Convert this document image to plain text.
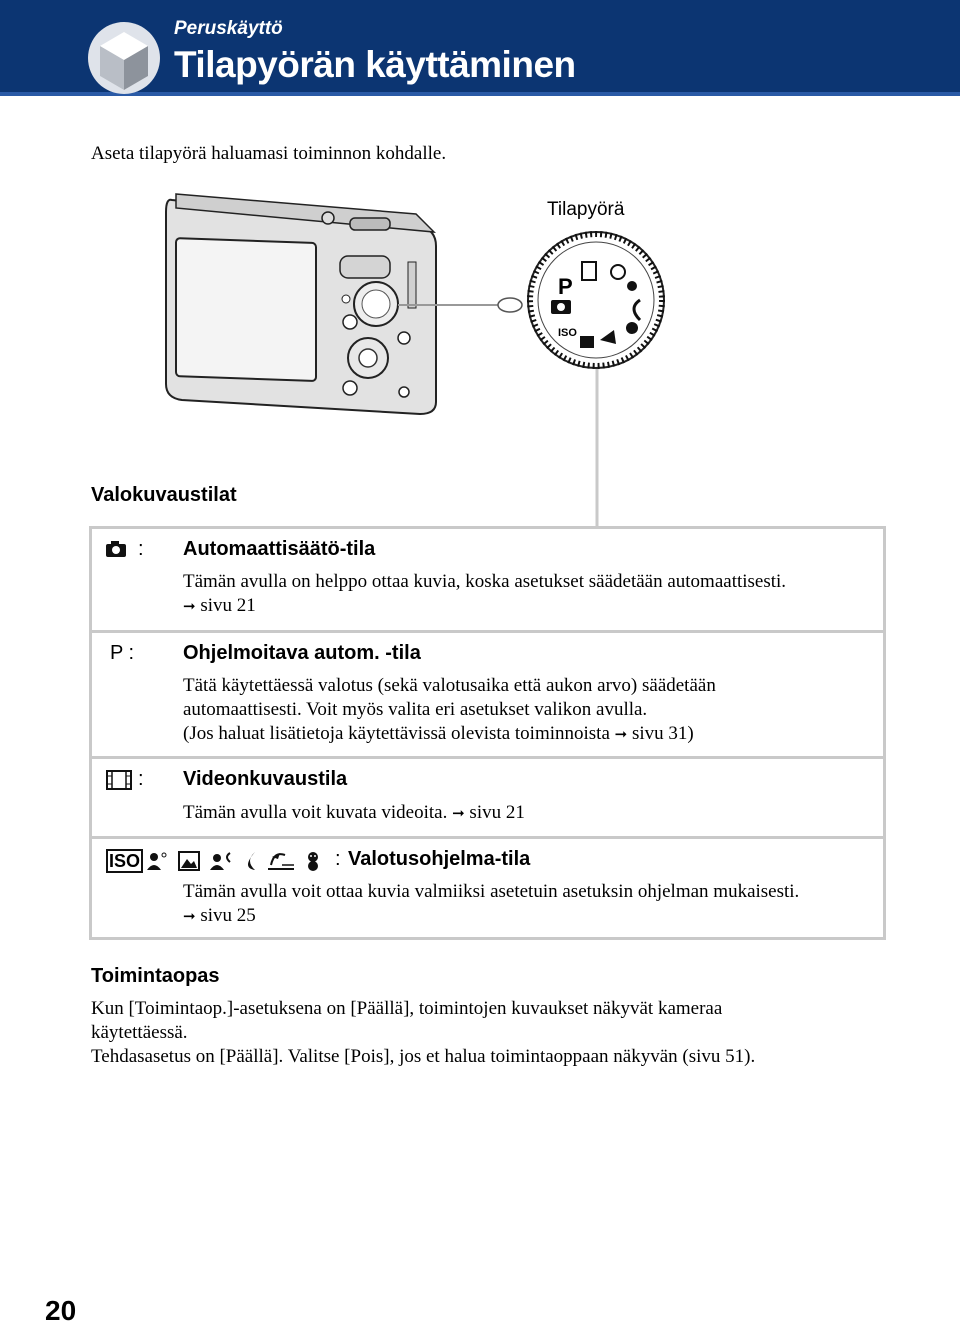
Peruskäyttö
Tilapyörän käyttäminen
Aseta tilapyörä haluamasi toiminnon kohdalle.
P
ISO
Tilapyörä
Valokuvaustilat
: Automaattisäätö-tila
Tämän avulla on helppo ottaa kuvia, koska asetukset säädetään automaattisesti.
➞ sivu 21
P : Ohjelmoitava autom. -tila
Tätä käytettäessä valotus (sekä valotusaika että aukon arvo) säädetään
automaattisesti. Voit myös valita eri asetukset valikon avulla.
(Jos haluat lisätietoja käytettävissä olevista toiminnoista ➞ sivu 31)
: Videonkuvaustila
Tämän avulla voit kuvata videoita. ➞ sivu 21
ISO	: Valotusohjelma-tila
Tämän avulla voit ottaa kuvia valmiiksi asetetuin asetuksin ohjelman mukaisesti.
➞ sivu 25
Toimintaopas
Kun [Toimintaop.]-asetuksena on [Päällä], toimintojen kuvaukset näkyvät kameraa
käytettäessä.
Tehdasasetus on [Päällä]. Valitse [Pois], jos et halua toimintaoppaan näkyvän (sivu 51).
20
